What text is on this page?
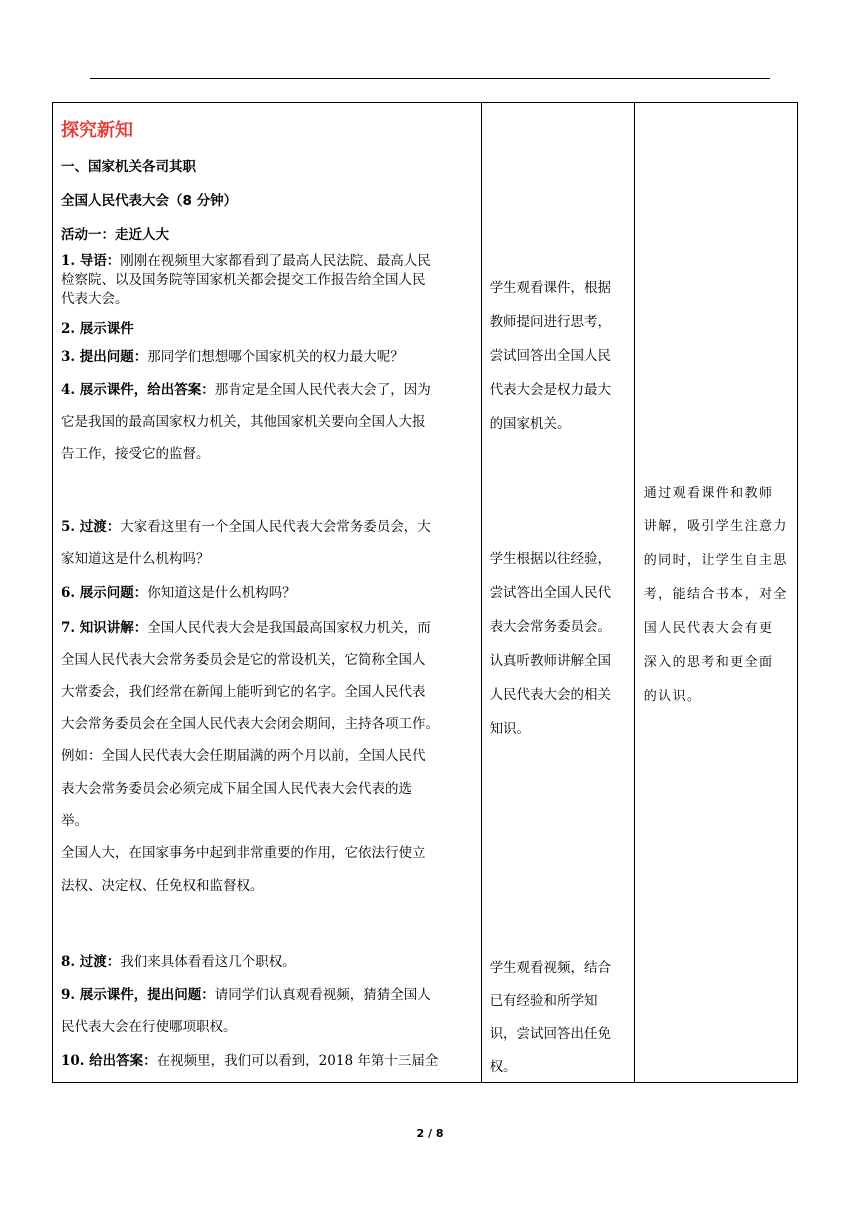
探究新知
一、国家机关各司其职
全国人民代表大会（8 分钟）
活动一：走近人大
1. 导语：刚刚在视频里大家都看到了最高人民法院、最高人民
检察院、以及国务院等国家机关都会提交工作报告给全国人民
代表大会。
2. 展示课件
3. 提出问题：那同学们想想哪个国家机关的权力最大呢？
4. 展示课件，给出答案：那肯定是全国人民代表大会了，因为
它是我国的最高国家权力机关，其他国家机关要向全国人大报
告工作，接受它的监督。
5. 过渡：大家看这里有一个全国人民代表大会常务委员会，大
家知道这是什么机构吗？
6. 展示问题：你知道这是什么机构吗？
7. 知识讲解：全国人民代表大会是我国最高国家权力机关，而
全国人民代表大会常务委员会是它的常设机关，它简称全国人
大常委会，我们经常在新闻上能听到它的名字。全国人民代表
大会常务委员会在全国人民代表大会闭会期间，主持各项工作。
例如：全国人民代表大会任期届满的两个月以前，全国人民代
表大会常务委员会必须完成下届全国人民代表大会代表的选
举。
全国人大，在国家事务中起到非常重要的作用，它依法行使立
法权、决定权、任免权和监督权。
8. 过渡：我们来具体看看这几个职权。
9. 展示课件，提出问题：请同学们认真观看视频，猜猜全国人
民代表大会在行使哪项职权。
10. 给出答案：在视频里，我们可以看到，2018 年第十三届全

学生观看课件，根据
教师提问进行思考，
尝试回答出全国人民
代表大会是权力最大
的国家机关。
学生根据以往经验，
尝试答出全国人民代
表大会常务委员会。
认真听教师讲解全国
人民代表大会的相关
知识。
学生观看视频，结合
已有经验和所学知
识，尝试回答出任免
权。

通过观看课件和教师
讲解，吸引学生注意力
的同时，让学生自主思
考，能结合书本，对全
国人民代表大会有更
深入的思考和更全面
的认识。
2 / 8
